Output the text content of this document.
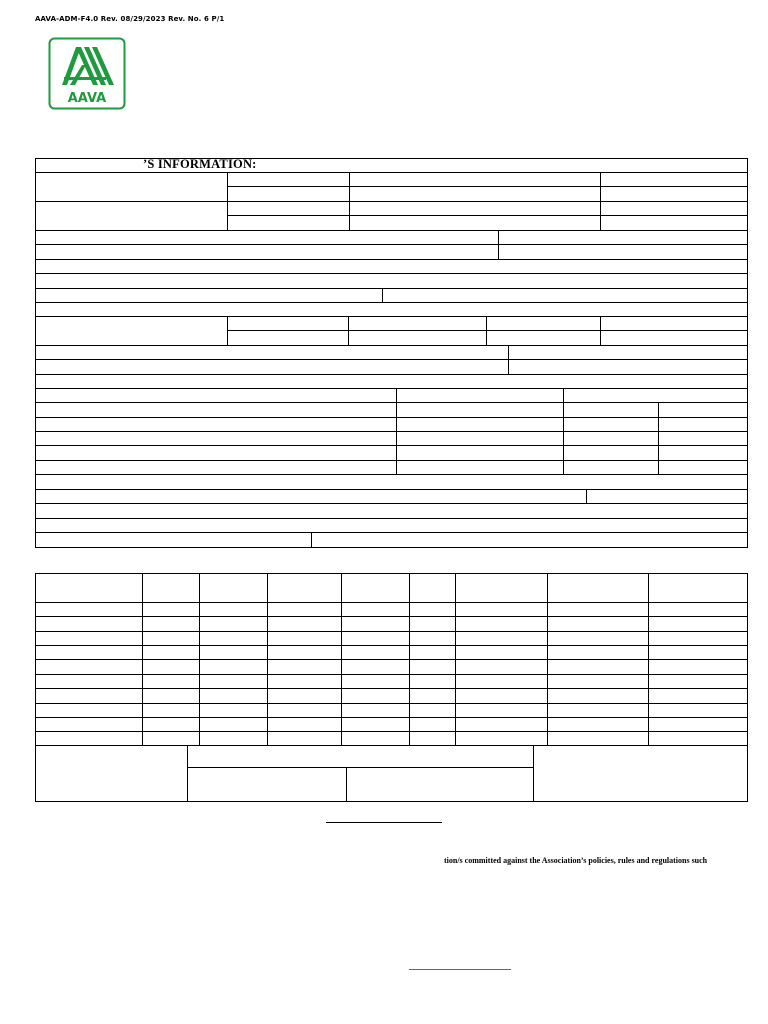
AAVA-ADM-F4.0 Rev. 08/29/2023 Rev. No. 6 P/1
AAVA
’S INFORMATION:
tion/s committed against the Association’s policies, rules and regulations such
